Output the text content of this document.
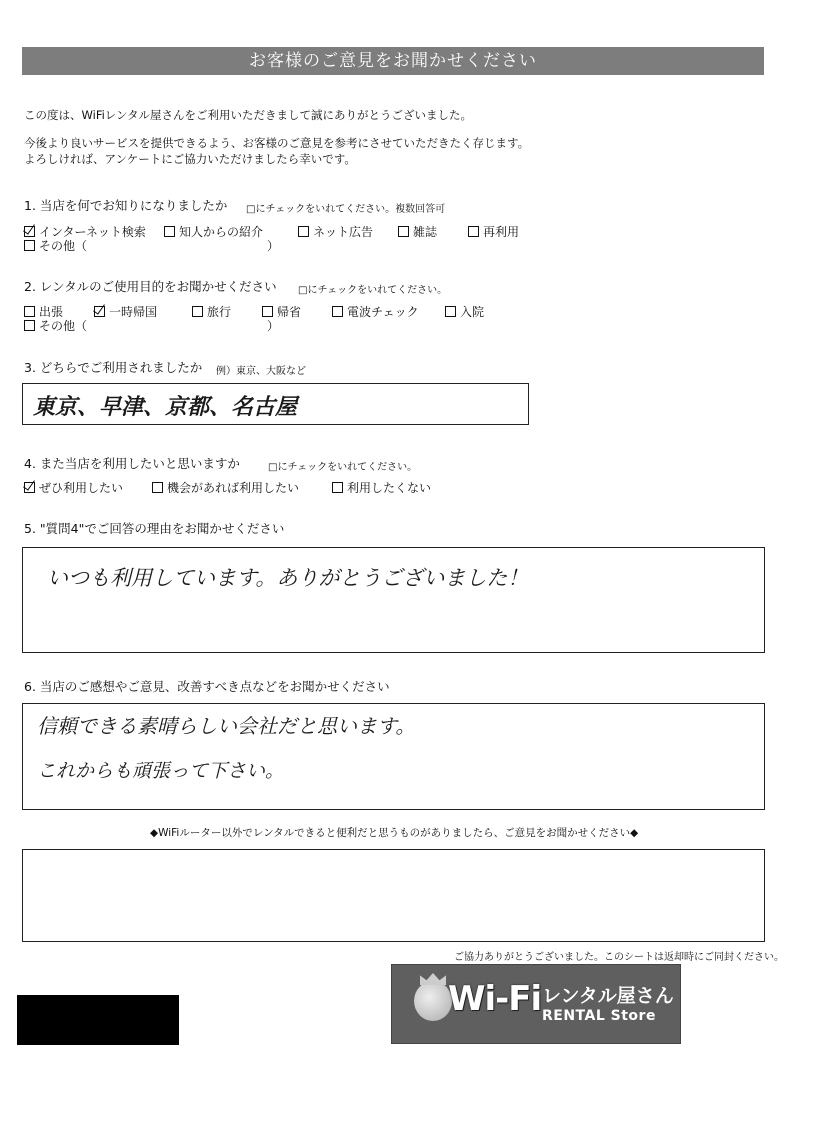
お客様のご意見をお聞かせください
この度は、WiFiレンタル屋さんをご利用いただきまして誠にありがとうございました。
今後より良いサービスを提供できるよう、お客様のご意見を参考にさせていただきたく存じます。
よろしければ、アンケートにご協力いただけましたら幸いです。
1. 当店を何でお知りになりましたか □にチェックをいれてください。複数回答可
インターネット検索	知人からの紹介	ネット広告	雑誌	再利用
その他（　　　　　　　　　　　　　　　）
2. レンタルのご使用目的をお聞かせください □にチェックをいれてください。
出張	一時帰国	旅行	帰省	電波チェック	入院
その他（　　　　　　　　　　　　　　　）
3. どちらでご利用されましたか 例）東京、大阪など
東京、早津、京都、名古屋
4. また当店を利用したいと思いますか	□にチェックをいれてください。
ぜひ利用したい	機会があれば利用したい	利用したくない
5. "質問4"でご回答の理由をお聞かせください
いつも利用しています。ありがとうございました！
6. 当店のご感想やご意見、改善すべき点などをお聞かせください
信頼できる素晴らしい会社だと思います。
これからも頑張って下さい。
◆WiFiルーター以外でレンタルできると便利だと思うものがありましたら、ご意見をお聞かせください◆
ご協力ありがとうございました。このシートは返却時にご同封ください。
Wi-Fi レンタル屋さん
RENTAL Store
